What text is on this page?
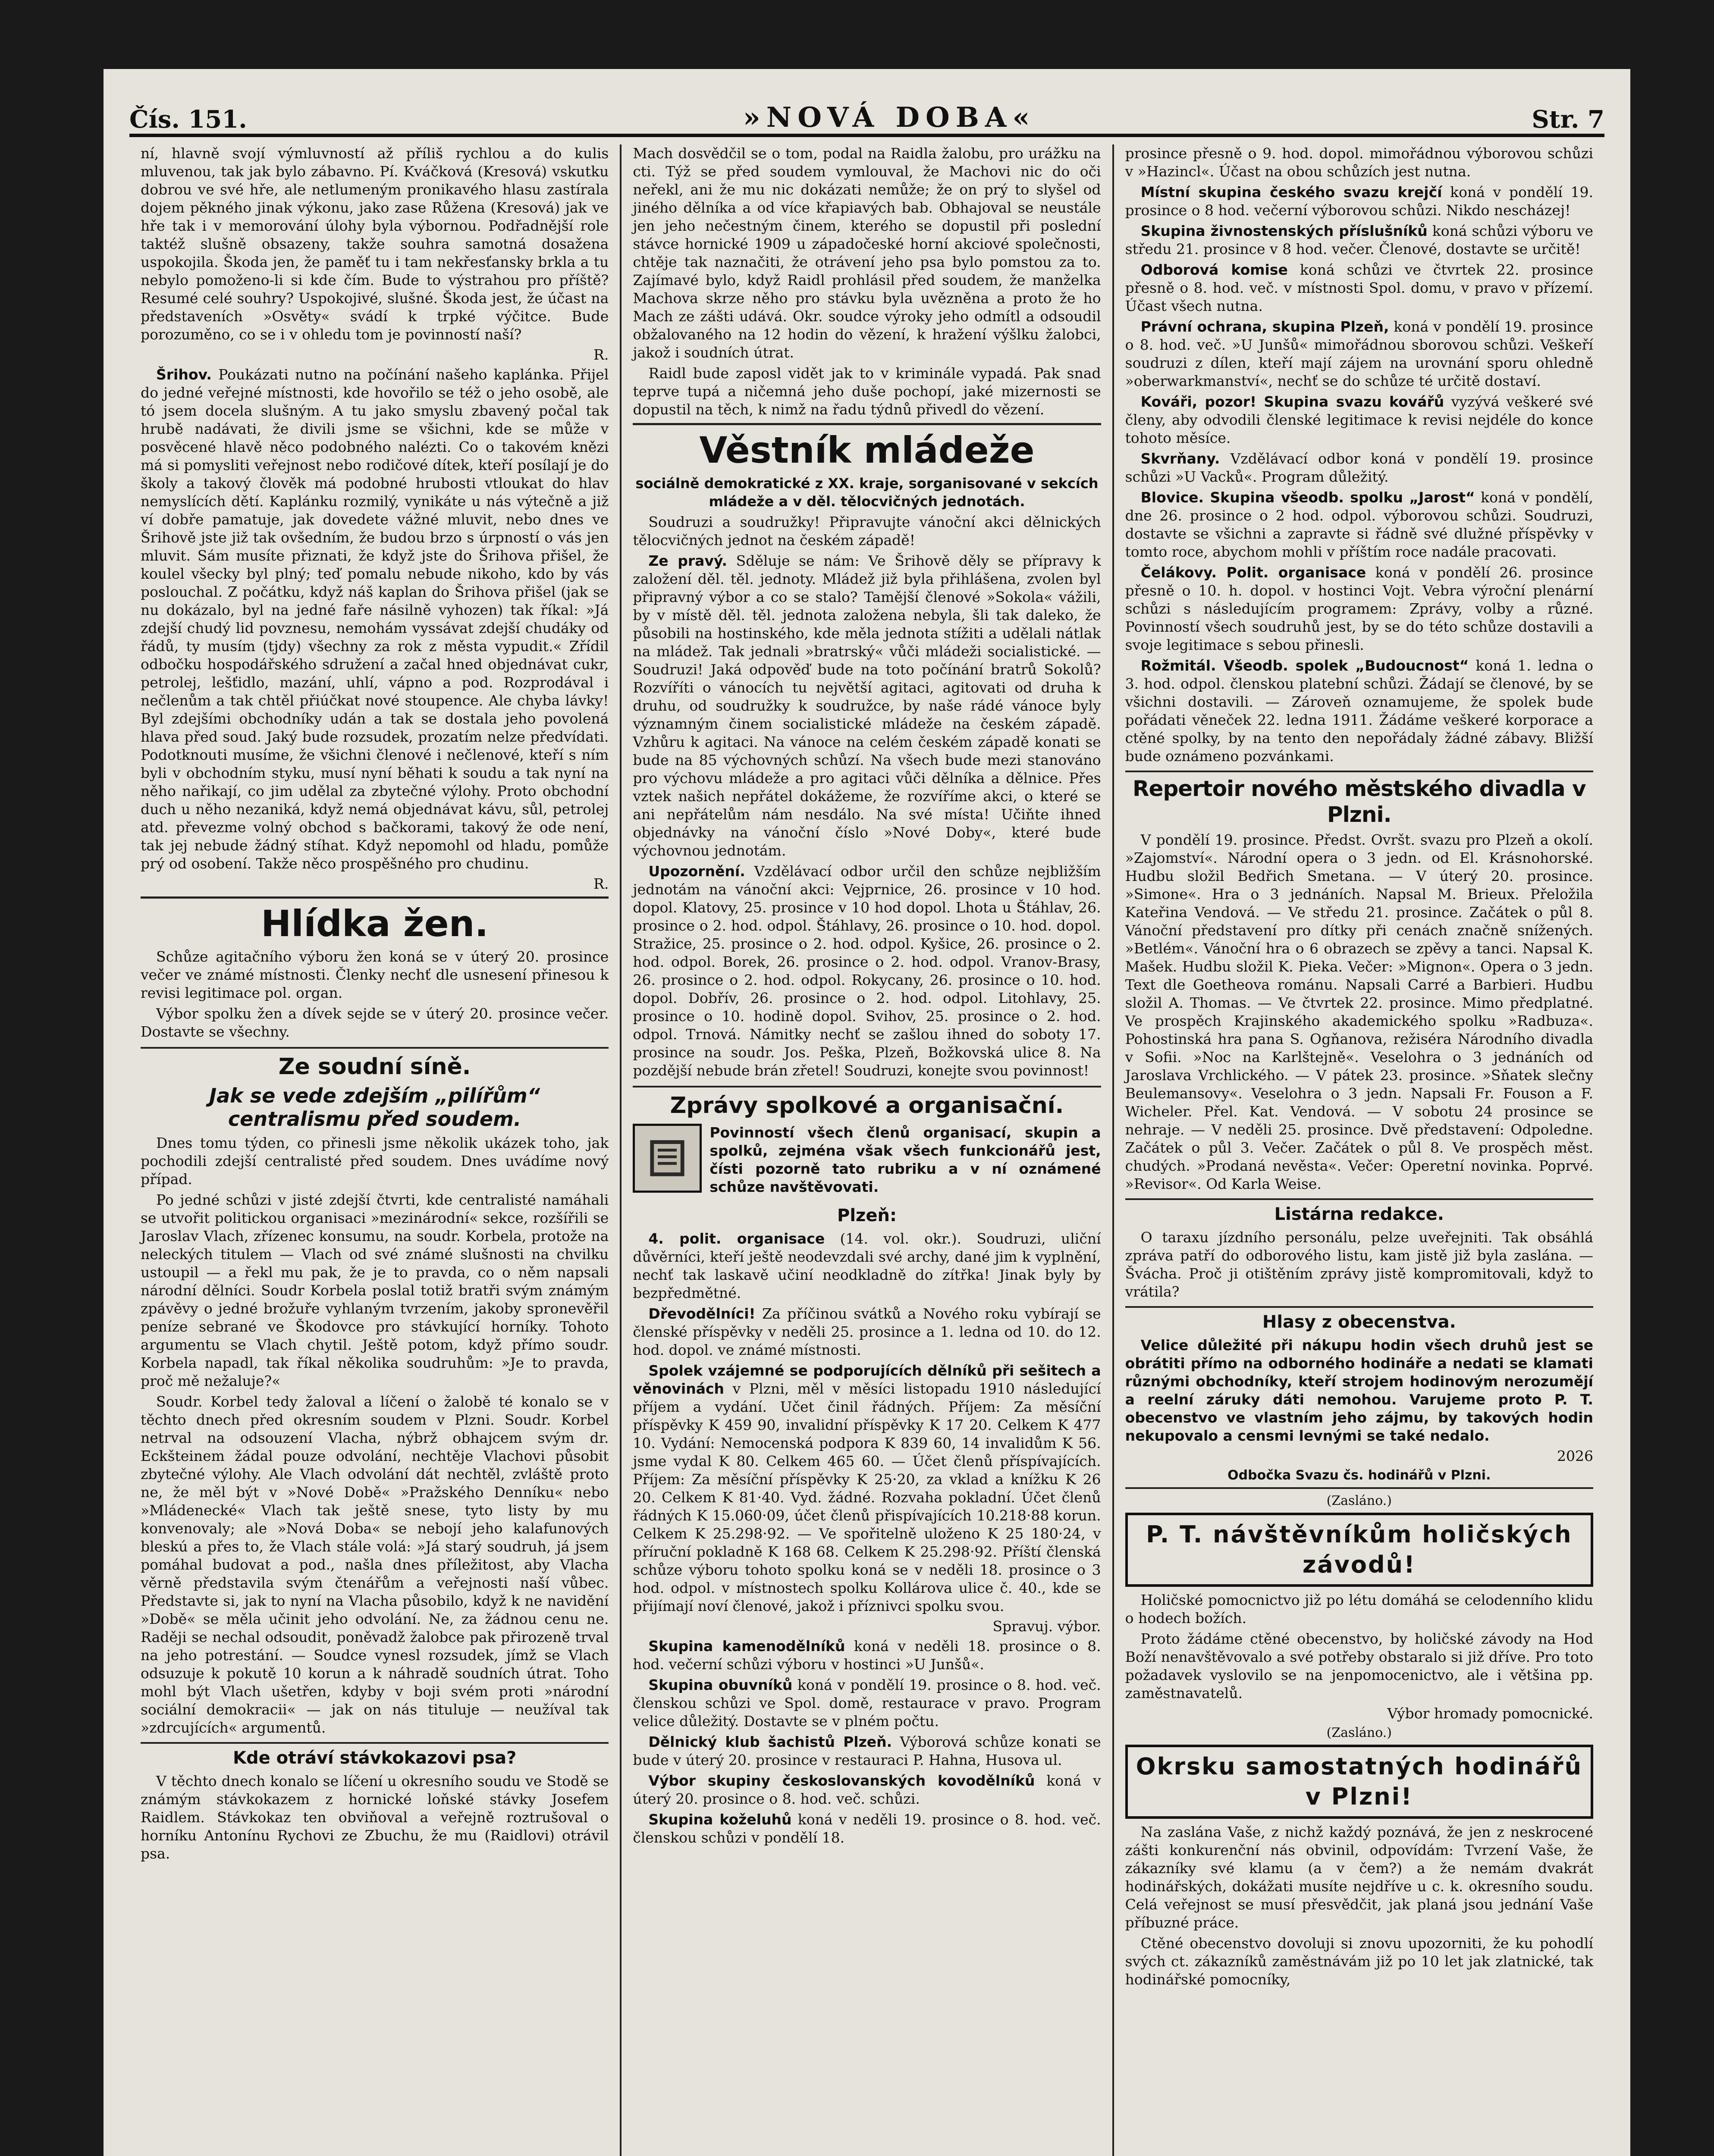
Čís. 151.	»NOVÁ DOBA«	Str. 7

ní, hlavně svojí výmluvností až příliš rychlou a do kulis mluvenou, tak jak bylo zábavno. Pí. Kváčková (Kresová) vskutku dobrou ve své hře, ale netlumeným pronikavého hlasu zastírala dojem pěkného jinak výkonu, jako zase Růžena (Kresová) jak ve hře tak i v memorování úlohy byla výbornou. Podřadnější role taktéž slušně obsazeny, takže souhra samotná dosažena uspokojila. Škoda jen, že paměť tu i tam nekřesťansky brkla a tu nebylo pomoženo-li si kde čím. Bude to výstrahou pro příště? Resumé celé souhry? Uspokojivé, slušné. Škoda jest, že účast na představeních »Osvěty« svádí k trpké výčitce. Bude porozuměno, co se i v ohledu tom je povinností naší?

R.

Šrihov. Poukázati nutno na počínání našeho kaplánka. Přijel do jedné veřejné místnosti, kde hovořilo se též o jeho osobě, ale tó jsem docela slušným. A tu jako smyslu zbavený počal tak hrubě nadávati, že divili jsme se všichni, kde se může v posvěcené hlavě něco podobného nalézti. Co o takovém knězi má si pomysliti veřejnost nebo rodičové dítek, kteří posílají je do školy a takový člověk má podobné hrubosti vtloukat do hlav nemyslících dětí. Kaplánku rozmilý, vynikáte u nás výtečně a již ví dobře pamatuje, jak dovedete vážné mluvit, nebo dnes ve Šrihově jste již tak ovšedním, že budou brzo s úrpností o vás jen mluvit. Sám musíte přiznati, že když jste do Šrihova přišel, že koulel všecky byl plný; teď pomalu nebude nikoho, kdo by vás poslouchal. Z počátku, když náš kaplan do Šrihova přišel (jak se nu dokázalo, byl na jedné faře násilně vyhozen) tak říkal: »Já zdejší chudý lid povznesu, nemohám vyssávat zdejší chudáky od řádů, ty musím (tjdy) všechny za rok z města vypudit.« Zřídil odbočku hospodářského sdružení a začal hned objednávat cukr, petrolej, lešťidlo, mazání, uhlí, vápno a pod. Rozprodával i nečlenům a tak chtěl přiúčkat nové stoupence. Ale chyba lávky! Byl zdejšími obchodníky udán a tak se dostala jeho povolená hlava před soud. Jaký bude rozsudek, prozatím nelze předvídati. Podotknouti musíme, že všichni členové i nečlenové, kteří s ním byli v obchodním styku, musí nyní běhati k soudu a tak nyní na něho nařikají, co jim udělal za zbytečné výlohy. Proto obchodní duch u něho nezaniká, když nemá objednávat kávu, sůl, petrolej atd. převezme volný obchod s bačkorami, takový že ode není, tak jej nebude žádný stíhat. Když nepomohl od hladu, pomůže prý od osobení. Takže něco prospěšného pro chudinu.

R.

Hlídka žen.

Schůze agitačního výboru žen koná se v úterý 20. prosince večer ve známé místnosti. Členky nechť dle usnesení přinesou k revisi legitimace pol. organ.

Výbor spolku žen a dívek sejde se v úterý 20. prosince večer. Dostavte se všechny.

Ze soudní síně.
Jak se vede zdejším „pilířům“ centralismu před soudem.

Dnes tomu týden, co přinesli jsme několik ukázek toho, jak pochodili zdejší centralisté před soudem. Dnes uvádíme nový případ.

Po jedné schůzi v jisté zdejší čtvrti, kde centralisté namáhali se utvořit politickou organisaci »mezinárodní« sekce, rozšířili se Jaroslav Vlach, zřízenec konsumu, na soudr. Korbela, protože na neleckých titulem — Vlach od své známé slušnosti na chvilku ustoupil — a řekl mu pak, že je to pravda, co o něm napsali národní dělníci. Soudr Korbela poslal totiž bratři svým známým zpávěvy o jedné brožuře vyhlaným tvrzením, jakoby spronevěřil peníze sebrané ve Škodovce pro stávkující horníky. Tohoto argumentu se Vlach chytil. Ještě potom, když přímo soudr. Korbela napadl, tak říkal několika soudruhům: »Je to pravda, proč mě nežaluje?«

Soudr. Korbel tedy žaloval a líčení o žalobě té konalo se v těchto dnech před okresním soudem v Plzni. Soudr. Korbel netrval na odsouzení Vlacha, nýbrž obhajcem svým dr. Eckšteinem žádal pouze odvolání, nechtěje Vlachovi působit zbytečné výlohy. Ale Vlach odvolání dát nechtěl, zvláště proto ne, že měl být v »Nové Době« »Pražského Denníku« nebo »Mládenecké« Vlach tak ještě snese, tyto listy by mu konvenovaly; ale »Nová Doba« se nebojí jeho kalafunových bleskú a přes to, že Vlach stále volá: »Já starý soudruh, já jsem pomáhal budovat a pod., našla dnes příležitost, aby Vlacha věrně představila svým čtenářům a veřejnosti naší vůbec. Představte si, jak to nyní na Vlacha působilo, když k ne navidění »Době« se měla učinit jeho odvolání. Ne, za žádnou cenu ne. Raději se nechal odsoudit, poněvadž žalobce pak přirozeně trval na jeho potrestání. — Soudce vynesl rozsudek, jímž se Vlach odsuzuje k pokutě 10 korun a k náhradě soudních útrat. Toho mohl být Vlach ušetřen, kdyby v boji svém proti »národní sociální demokracii« — jak on nás tituluje — neužíval tak »zdrcujících« argumentů.

Kde otráví stávkokazovi psa?

V těchto dnech konalo se líčení u okresního soudu ve Stodě se známým stávkokazem z hornické loňské stávky Josefem Raidlem. Stávkokaz ten obviňoval a veřejně roztrušoval o horníku Antonínu Rychovi ze Zbuchu, že mu (Raidlovi) otrávil psa.

Mach dosvědčil se o tom, podal na Raidla žalobu, pro urážku na cti. Týž se před soudem vymlouval, že Machovi nic do oči neřekl, ani že mu nic dokázati nemůže; že on prý to slyšel od jiného dělníka a od více křapiavých bab. Obhajoval se neustále jen jeho nečestným činem, kterého se dopustil při poslední stávce hornické 1909 u západočeské horní akciové společnosti, chtěje tak naznačiti, že otrávení jeho psa bylo pomstou za to. Zajímavé bylo, když Raidl prohlásil před soudem, že manželka Machova skrze něho pro stávku byla uvězněna a proto že ho Mach ze zášti udává. Okr. soudce výroky jeho odmítl a odsoudil obžalovaného na 12 hodin do vězení, k hražení výšlku žalobci, jakož i soudních útrat.

Raidl bude zaposl vidět jak to v kriminále vypadá. Pak snad teprve tupá a ničemná jeho duše pochopí, jaké mizernosti se dopustil na těch, k nimž na řadu týdnů přivedl do vězení.

Věstník mládeže

sociálně demokratické z XX. kraje, sorganisované v sekcích mládeže a v děl. tělocvičných jednotách.

Soudruzi a soudružky! Připravujte vánoční akci dělnických tělocvičných jednot na českém západě!

Ze pravý. Sděluje se nám: Ve Šrihově děly se přípravy k založení děl. těl. jednoty. Mládež již byla přihlášena, zvolen byl připravný výbor a co se stalo? Tamější členové »Sokola« vážili, by v místě děl. těl. jednota založena nebyla, šli tak daleko, že působili na hostinského, kde měla jednota stížiti a udělali nátlak na mládež. Tak jednali »bratrský« vůči mládeži socialistické. — Soudruzi! Jaká odpověď bude na toto počínání bratrů Sokolů? Rozvíříti o vánocích tu největší agitaci, agitovati od druha k druhu, od soudružky k soudružce, by naše rádé vánoce byly významným činem socialistické mládeže na českém západě. Vzhůru k agitaci. Na vánoce na celém českém západě konati se bude na 85 výchovných schůzí. Na všech bude mezi stanováno pro výchovu mládeže a pro agitaci vůči dělníka a dělnice. Přes vztek našich nepřátel dokážeme, že rozvíříme akci, o které se ani nepřátelům nám nesdálo. Na své místa! Učiňte ihned objednávky na vánoční číslo »Nové Doby«, které bude výchovnou jednotám.

Upozornění. Vzdělávací odbor určil den schůze nejbližším jednotám na vánoční akci: Vejprnice, 26. prosince v 10 hod. dopol. Klatovy, 25. prosince v 10 hod dopol. Lhota u Štáhlav, 26. prosince o 2. hod. odpol. Štáhlavy, 26. prosince o 10. hod. dopol. Stražice, 25. prosince o 2. hod. odpol. Kyšice, 26. prosince o 2. hod. odpol. Borek, 26. prosince o 2. hod. odpol. Vranov-Brasy, 26. prosince o 2. hod. odpol. Rokycany, 26. prosince o 10. hod. dopol. Dobřív, 26. prosince o 2. hod. odpol. Litohlavy, 25. prosince o 10. hodině dopol. Svihov, 25. prosince o 2. hod. odpol. Trnová. Námitky nechť se zašlou ihned do soboty 17. prosince na soudr. Jos. Peška, Plzeň, Božkovská ulice 8. Na pozdější nebude brán zřetel! Soudruzi, konejte svou povinnost!

Zprávy spolkové a organisační.

Povinností všech členů organisací, skupin a spolků, zejména však všech funkcionářů jest, čísti pozorně tato rubriku a v ní oznámené schůze navštěvovati.

Plzeň:

4. polit. organisace (14. vol. okr.). Soudruzi, uliční důvěrníci, kteří ještě neodevzdali své archy, dané jim k vyplnění, nechť tak laskavě učiní neodkladně do zítřka! Jinak byly by bezpředmětné.

Dřevodělníci! Za příčinou svátků a Nového roku vybírají se členské příspěvky v neděli 25. prosince a 1. ledna od 10. do 12. hod. dopol. ve známé místnosti.

Spolek vzájemné se podporujících dělníků při sešitech a věnovinách v Plzni, měl v měsíci listopadu 1910 následující příjem a vydání. Učet činil řádných. Příjem: Za měsíční příspěvky K 459 90, invalidní příspěvky K 17 20. Celkem K 477 10. Vydání: Nemocenská podpora K 839 60, 14 invalidům K 56. jsme vydal K 80. Celkem 465 60. — Účet členů příspívajících. Příjem: Za měsíční příspěvky K 25·20, za vklad a knížku K 26 20. Celkem K 81·40. Vyd. žádné. Rozvaha pokladní. Účet členů řádných K 15.060·09, účet členů přispívajících 10.218·88 korun. Celkem K 25.298·92. — Ve spořitelně uloženo K 25 180·24, v příruční pokladně K 168 68. Celkem K 25.298·92. Příští členská schůze výboru tohoto spolku koná se v neděli 18. prosince o 3 hod. odpol. v místnostech spolku Kollárova ulice č. 40., kde se přijímají noví členové, jakož i příznivci spolku svou.

Spravuj. výbor.

Skupina kamenodělníků koná v neděli 18. prosince o 8. hod. večerní schůzi výboru v hostinci »U Junšů«.

Skupina obuvníků koná v pondělí 19. prosince o 8. hod. več. členskou schůzi ve Spol. domě, restaurace v pravo. Program velice důležitý. Dostavte se v plném počtu.

Dělnický klub šachistů Plzeň. Výborová schůze konati se bude v úterý 20. prosince v restauraci P. Hahna, Husova ul.

Výbor skupiny českoslovanských kovodělníků koná v úterý 20. prosince o 8. hod. več. schůzi.

Skupina koželuhů koná v neděli 19. prosince o 8. hod. več. členskou schůzi v pondělí 18.

prosince přesně o 9. hod. dopol. mimořádnou výborovou schůzi v »Hazincl«. Účast na obou schůzích jest nutna.

Místní skupina českého svazu krejčí koná v pondělí 19. prosince o 8 hod. večerní výborovou schůzi. Nikdo nescházej!

Skupina živnostenských příslušníků koná schůzi výboru ve středu 21. prosince v 8 hod. večer. Členové, dostavte se určitě!

Odborová komise koná schůzi ve čtvrtek 22. prosince přesně o 8. hod. več. v místnosti Spol. domu, v pravo v přízemí. Účast všech nutna.

Právní ochrana, skupina Plzeň, koná v pondělí 19. prosince o 8. hod. več. »U Junšů« mimořádnou sborovou schůzi. Veškeří soudruzi z dílen, kteří mají zájem na urovnání sporu ohledně »oberwarkmanství«, nechť se do schůze té určitě dostaví.

Kováři, pozor! Skupina svazu kovářů vyzývá veškeré své členy, aby odvodili členské legitimace k revisi nejdéle do konce tohoto měsíce.

Skvrňany. Vzdělávací odbor koná v pondělí 19. prosince schůzi »U Vacků«. Program důležitý.

Blovice. Skupina všeodb. spolku „Jarost“ koná v pondělí, dne 26. prosince o 2 hod. odpol. výborovou schůzi. Soudruzi, dostavte se všichni a zapravte si řádně své dlužné příspěvky v tomto roce, abychom mohli v příštím roce nadále pracovati.

Čelákovy. Polit. organisace koná v pondělí 26. prosince přesně o 10. h. dopol. v hostinci Vojt. Vebra výroční plenární schůzi s následujícím programem: Zprávy, volby a různé. Povinností všech soudruhů jest, by se do této schůze dostavili a svoje legitimace s sebou přinesli.

Rožmitál. Všeodb. spolek „Budoucnost“ koná 1. ledna o 3. hod. odpol. členskou platební schůzi. Žádají se členové, by se všichni dostavili. — Zároveň oznamujeme, že spolek bude pořádati věneček 22. ledna 1911. Žádáme veškeré korporace a ctěné spolky, by na tento den nepořádaly žádné zábavy. Bližší bude oznámeno pozvánkami.

Repertoir nového městského divadla v Plzni.

V pondělí 19. prosince. Předst. Ovršt. svazu pro Plzeň a okolí. »Zajomství«. Národní opera o 3 jedn. od El. Krásnohorské. Hudbu složil Bedřich Smetana. — V úterý 20. prosince. »Simone«. Hra o 3 jednáních. Napsal M. Brieux. Přeložila Kateřina Vendová. — Ve středu 21. prosince. Začátek o půl 8. Vánoční představení pro dítky při cenách značně snížených. »Betlém«. Vánoční hra o 6 obrazech se zpěvy a tanci. Napsal K. Mašek. Hudbu složil K. Pieka. Večer: »Mignon«. Opera o 3 jedn. Text dle Goetheova románu. Napsali Carré a Barbieri. Hudbu složil A. Thomas. — Ve čtvrtek 22. prosince. Mimo předplatné. Ve prospěch Krajinského akademického spolku »Radbuza«. Pohostinská hra pana S. Ogňanova, režiséra Národního divadla v Sofii. »Noc na Karlštejně«. Veselohra o 3 jednáních od Jaroslava Vrchlického. — V pátek 23. prosince. »Sňatek slečny Beulemansovy«. Veselohra o 3 jedn. Napsali Fr. Fouson a F. Wicheler. Přel. Kat. Vendová. — V sobotu 24 prosince se nehraje. — V neděli 25. prosince. Dvě představení: Odpoledne. Začátek o půl 3. Večer. Začátek o půl 8. Ve prospěch měst. chudých. »Prodaná nevěsta«. Večer: Operetní novinka. Poprvé. »Revisor«. Od Karla Weise.

Listárna redakce.

O taraxu jízdního personálu, pelze uveřejniti. Tak obsáhlá zpráva patří do odborového listu, kam jistě již byla zaslána. — Švácha. Proč ji otištěním zprávy jistě kompromitovali, když to vrátila?

Hlasy z obecenstva.

Velice důležité při nákupu hodin všech druhů jest se obrátiti přímo na odborného hodináře a nedati se klamati různými obchodníky, kteří strojem hodinovým nerozumějí a reelní záruky dáti nemohou. Varujeme proto P. T. obecenstvo ve vlastním jeho zájmu, by takových hodin nekupovalo a censmi levnými se také nedalo.

2026

Odbočka Svazu čs. hodinářů v Plzni.

(Zasláno.)

P. T. návštěvníkům holičských závodů!

Holičské pomocnictvo již po létu domáhá se celodenního klidu o hodech božích.

Proto žádáme ctěné obecenstvo, by holičské závody na Hod Boží nenavštěvovalo a své potřeby obstaralo si již dříve. Pro toto požadavek vyslovilo se na jenpomocenictvo, ale i většina pp. zaměstnavatelů.

Výbor hromady pomocnické.

(Zasláno.)

Okrsku samostatných hodinářů v Plzni!

Na zaslána Vaše, z nichž každý poznává, že jen z neskrocené zášti konkurenční nás obvinil, odpovídám: Tvrzení Vaše, že zákazníky své klamu (a v čem?) a že nemám dvakrát hodinářských, dokážati musíte nejdříve u c. k. okresního soudu. Celá veřejnost se musí přesvědčit, jak planá jsou jednání Vaše příbuzné práce.

Ctěné obecenstvo dovoluji si znovu upozorniti, že ku pohodlí svých ct. zákazníků zaměstnávám již po 10 let jak zlatnické, tak hodinářské pomocníky,
